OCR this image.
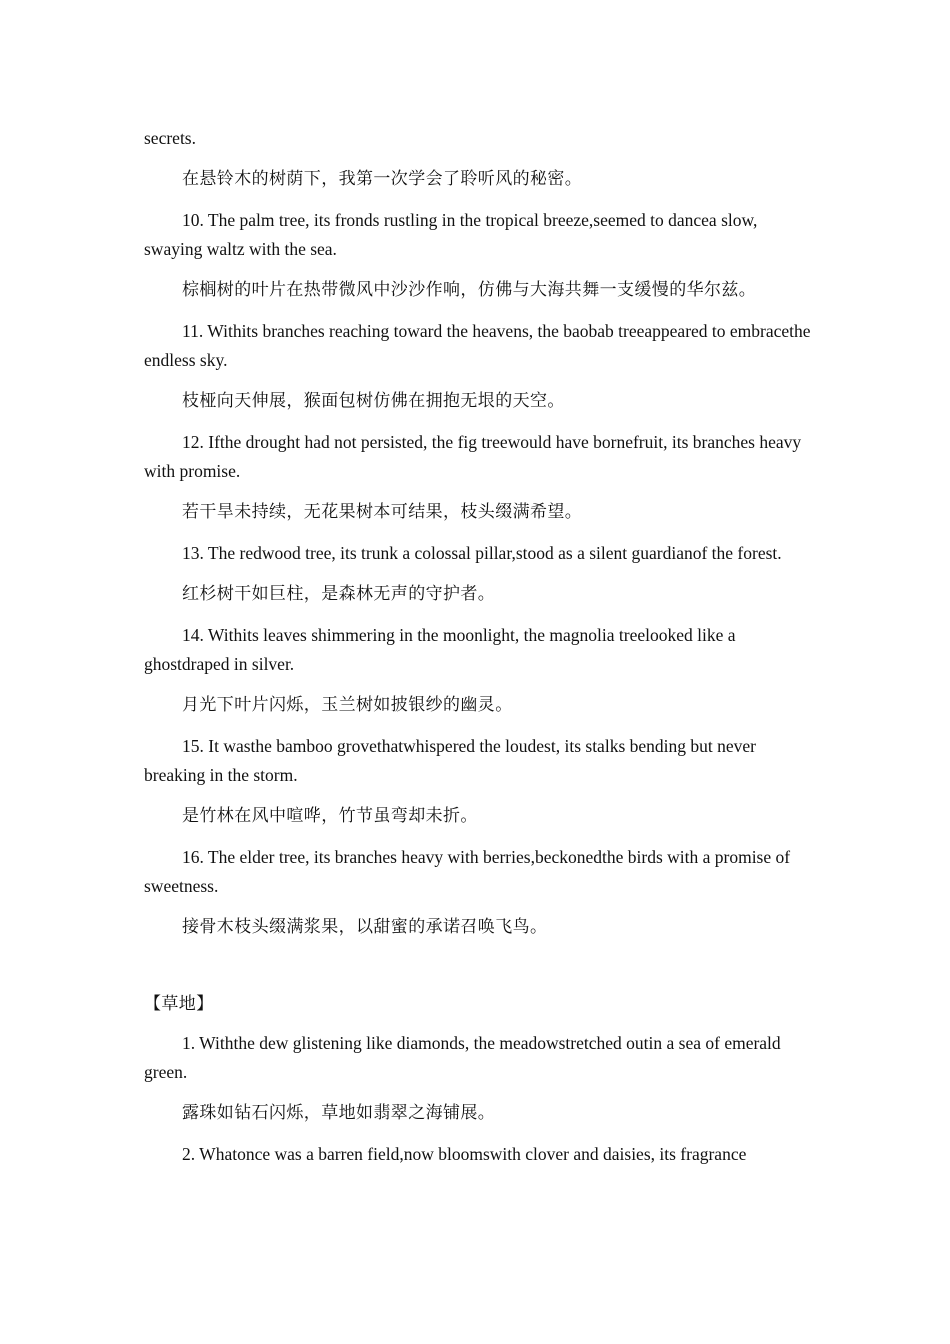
secrets.

在悬铃木的树荫下，我第一次学会了聆听风的秘密。

10. The palm tree, its fronds rustling in the tropical breeze,seemed to dancea slow, swaying waltz with the sea.

棕榈树的叶片在热带微风中沙沙作响，仿佛与大海共舞一支缓慢的华尔兹。

11. Withits branches reaching toward the heavens, the baobab treeappeared to embracethe endless sky.

枝桠向天伸展，猴面包树仿佛在拥抱无垠的天空。

12. Ifthe drought had not persisted, the fig treewould have bornefruit, its branches heavy with promise.

若干旱未持续，无花果树本可结果，枝头缀满希望。

13. The redwood tree, its trunk a colossal pillar,stood as a silent guardianof the forest.

红杉树干如巨柱，是森林无声的守护者。

14. Withits leaves shimmering in the moonlight, the magnolia treelooked like a ghostdraped in silver.

月光下叶片闪烁，玉兰树如披银纱的幽灵。

15. It wasthe bamboo grovethatwhispered the loudest, its stalks bending but never breaking in the storm.

是竹林在风中喧哗，竹节虽弯却未折。

16. The elder tree, its branches heavy with berries,beckonedthe birds with a promise of sweetness.

接骨木枝头缀满浆果，以甜蜜的承诺召唤飞鸟。

【草地】

1. Withthe dew glistening like diamonds, the meadowstretched outin a sea of emerald green.

露珠如钻石闪烁，草地如翡翠之海铺展。

2. Whatonce was a barren field,now bloomswith clover and daisies, its fragrance
